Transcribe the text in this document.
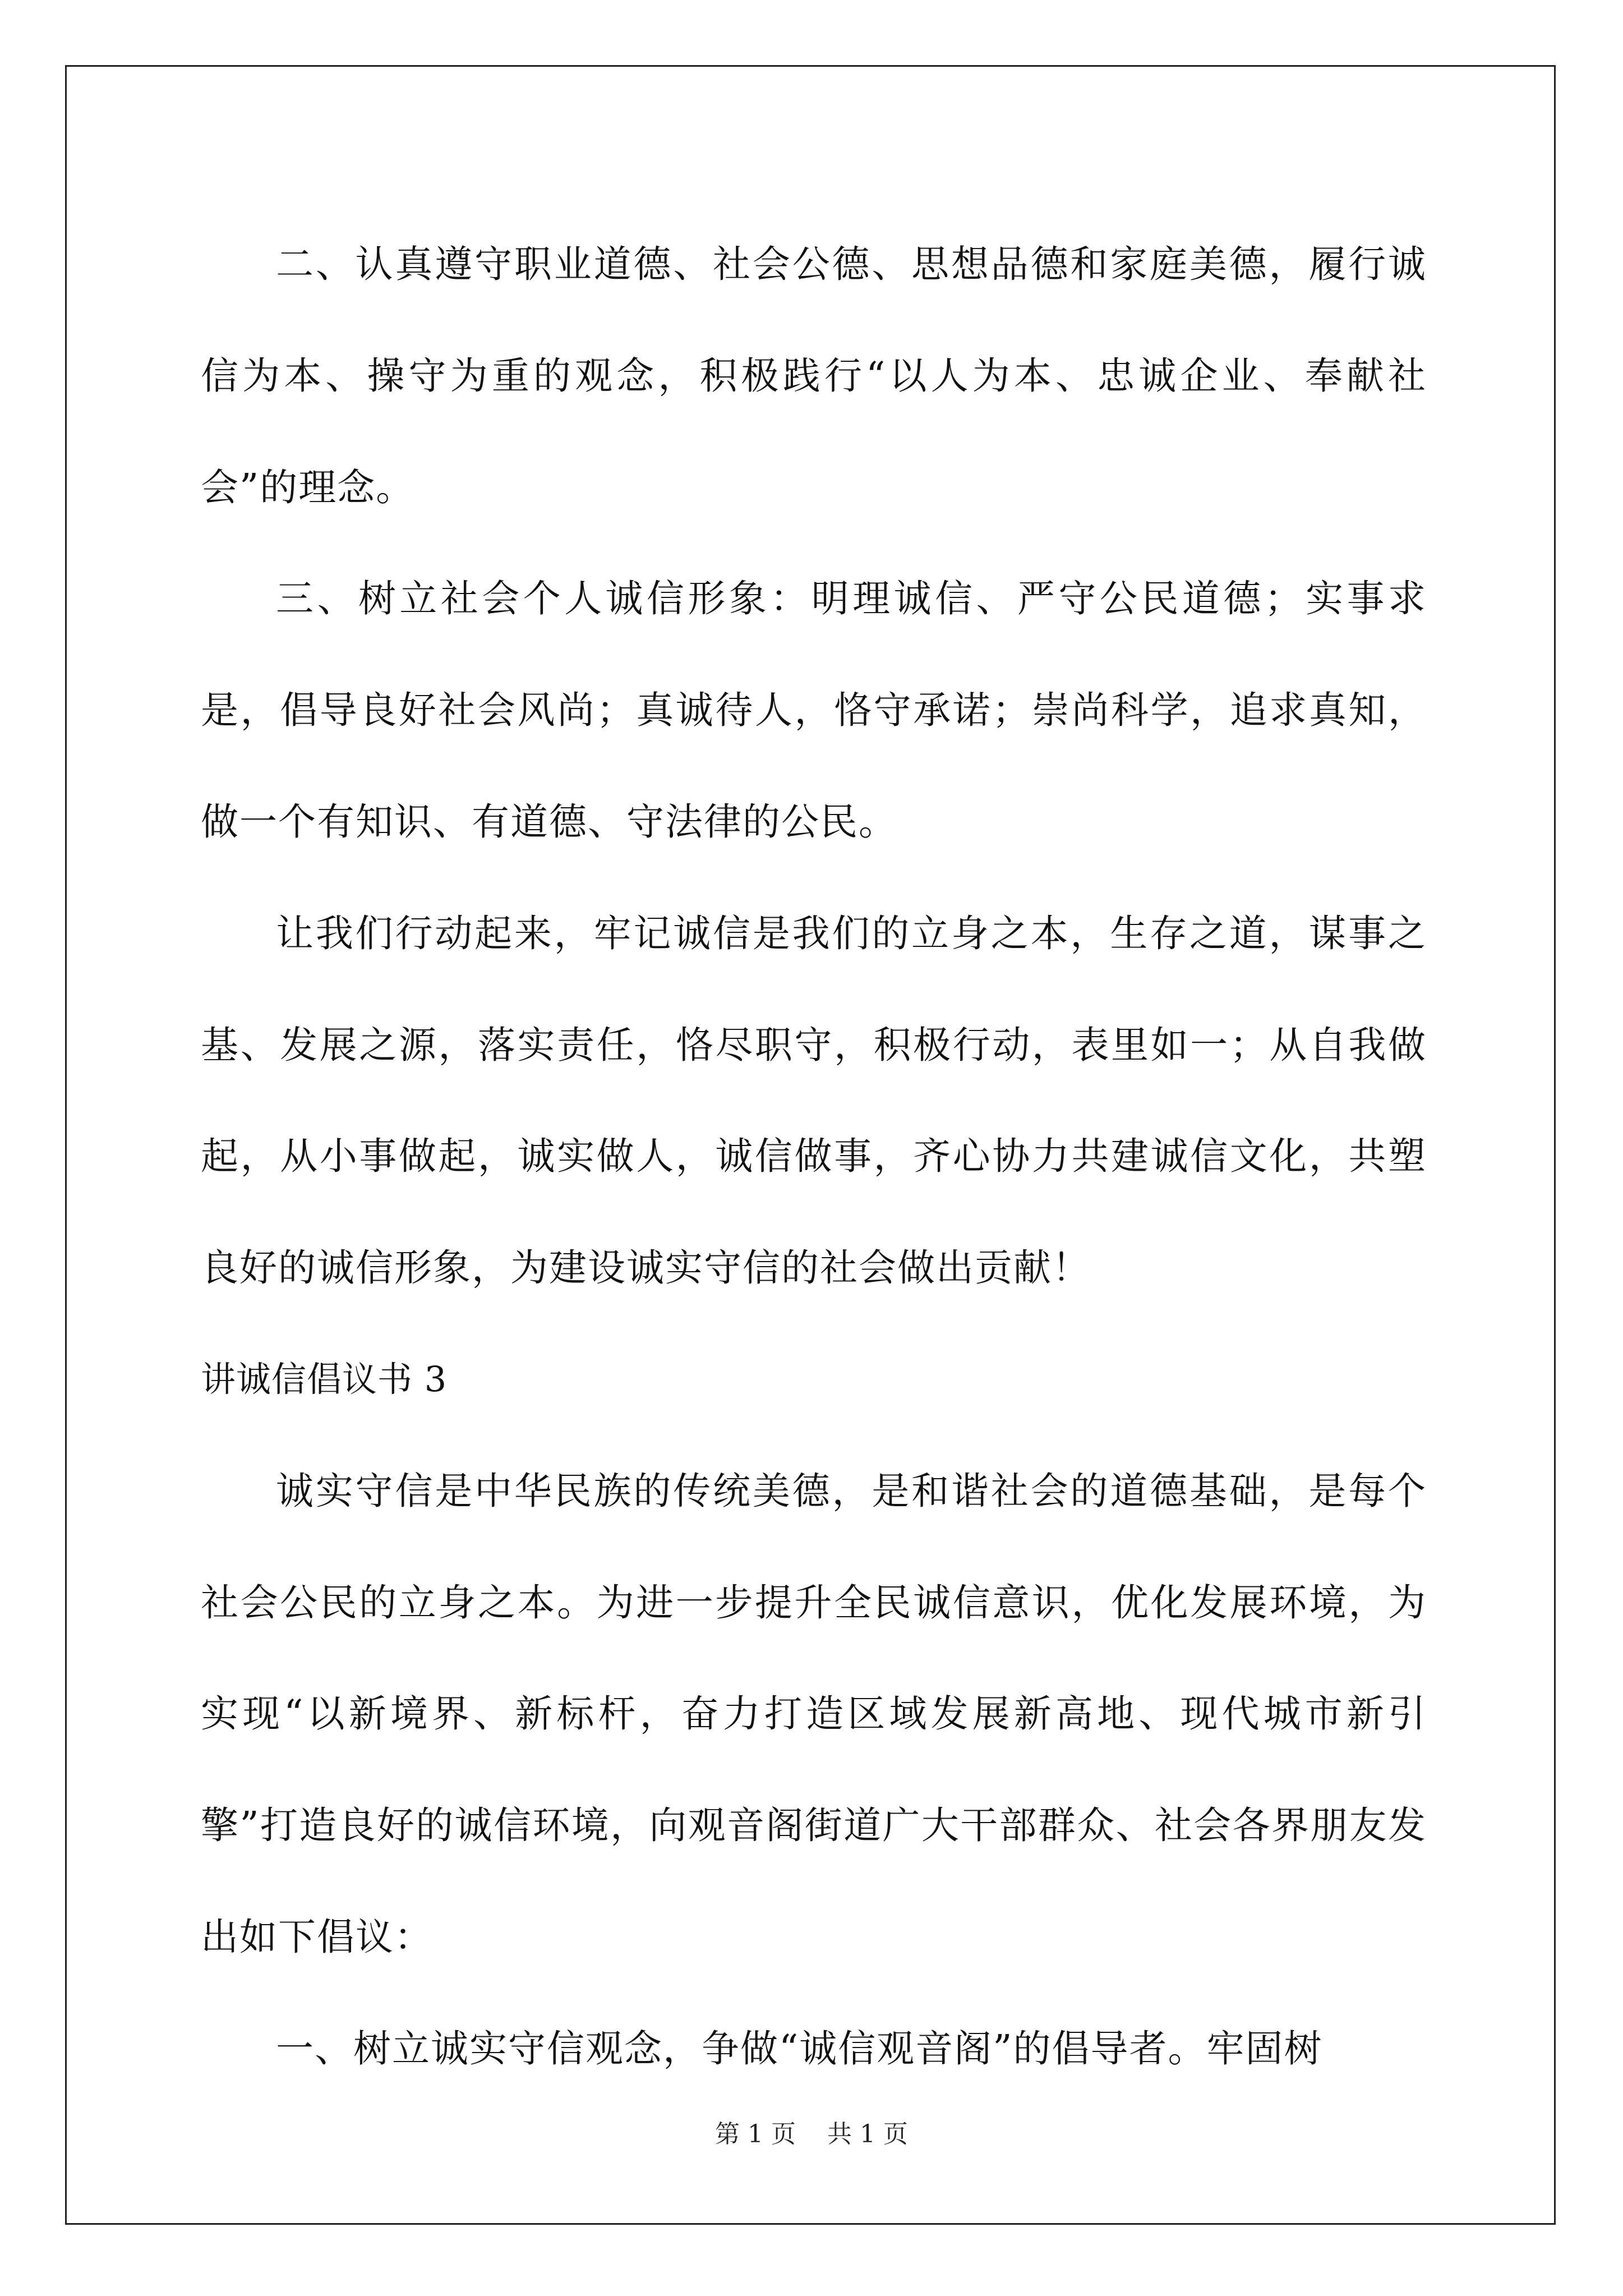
二、认真遵守职业道德、社会公德、思想品德和家庭美德，履行诚信为本、操守为重的观念，积极践行“以人为本、忠诚企业、奉献社会”的理念。

三、树立社会个人诚信形象：明理诚信、严守公民道德；实事求是，倡导良好社会风尚；真诚待人，恪守承诺；崇尚科学，追求真知，做一个有知识、有道德、守法律的公民。

让我们行动起来，牢记诚信是我们的立身之本，生存之道，谋事之基、发展之源，落实责任，恪尽职守，积极行动，表里如一；从自我做起，从小事做起，诚实做人，诚信做事，齐心协力共建诚信文化，共塑良好的诚信形象，为建设诚实守信的社会做出贡献！

讲诚信倡议书 3

诚实守信是中华民族的传统美德，是和谐社会的道德基础，是每个社会公民的立身之本。为进一步提升全民诚信意识，优化发展环境，为实现“以新境界、新标杆，奋力打造区域发展新高地、现代城市新引擎”打造良好的诚信环境，向观音阁街道广大干部群众、社会各界朋友发出如下倡议：

一、树立诚实守信观念，争做“诚信观音阁”的倡导者。牢固树

第 1 页    共 1 页
